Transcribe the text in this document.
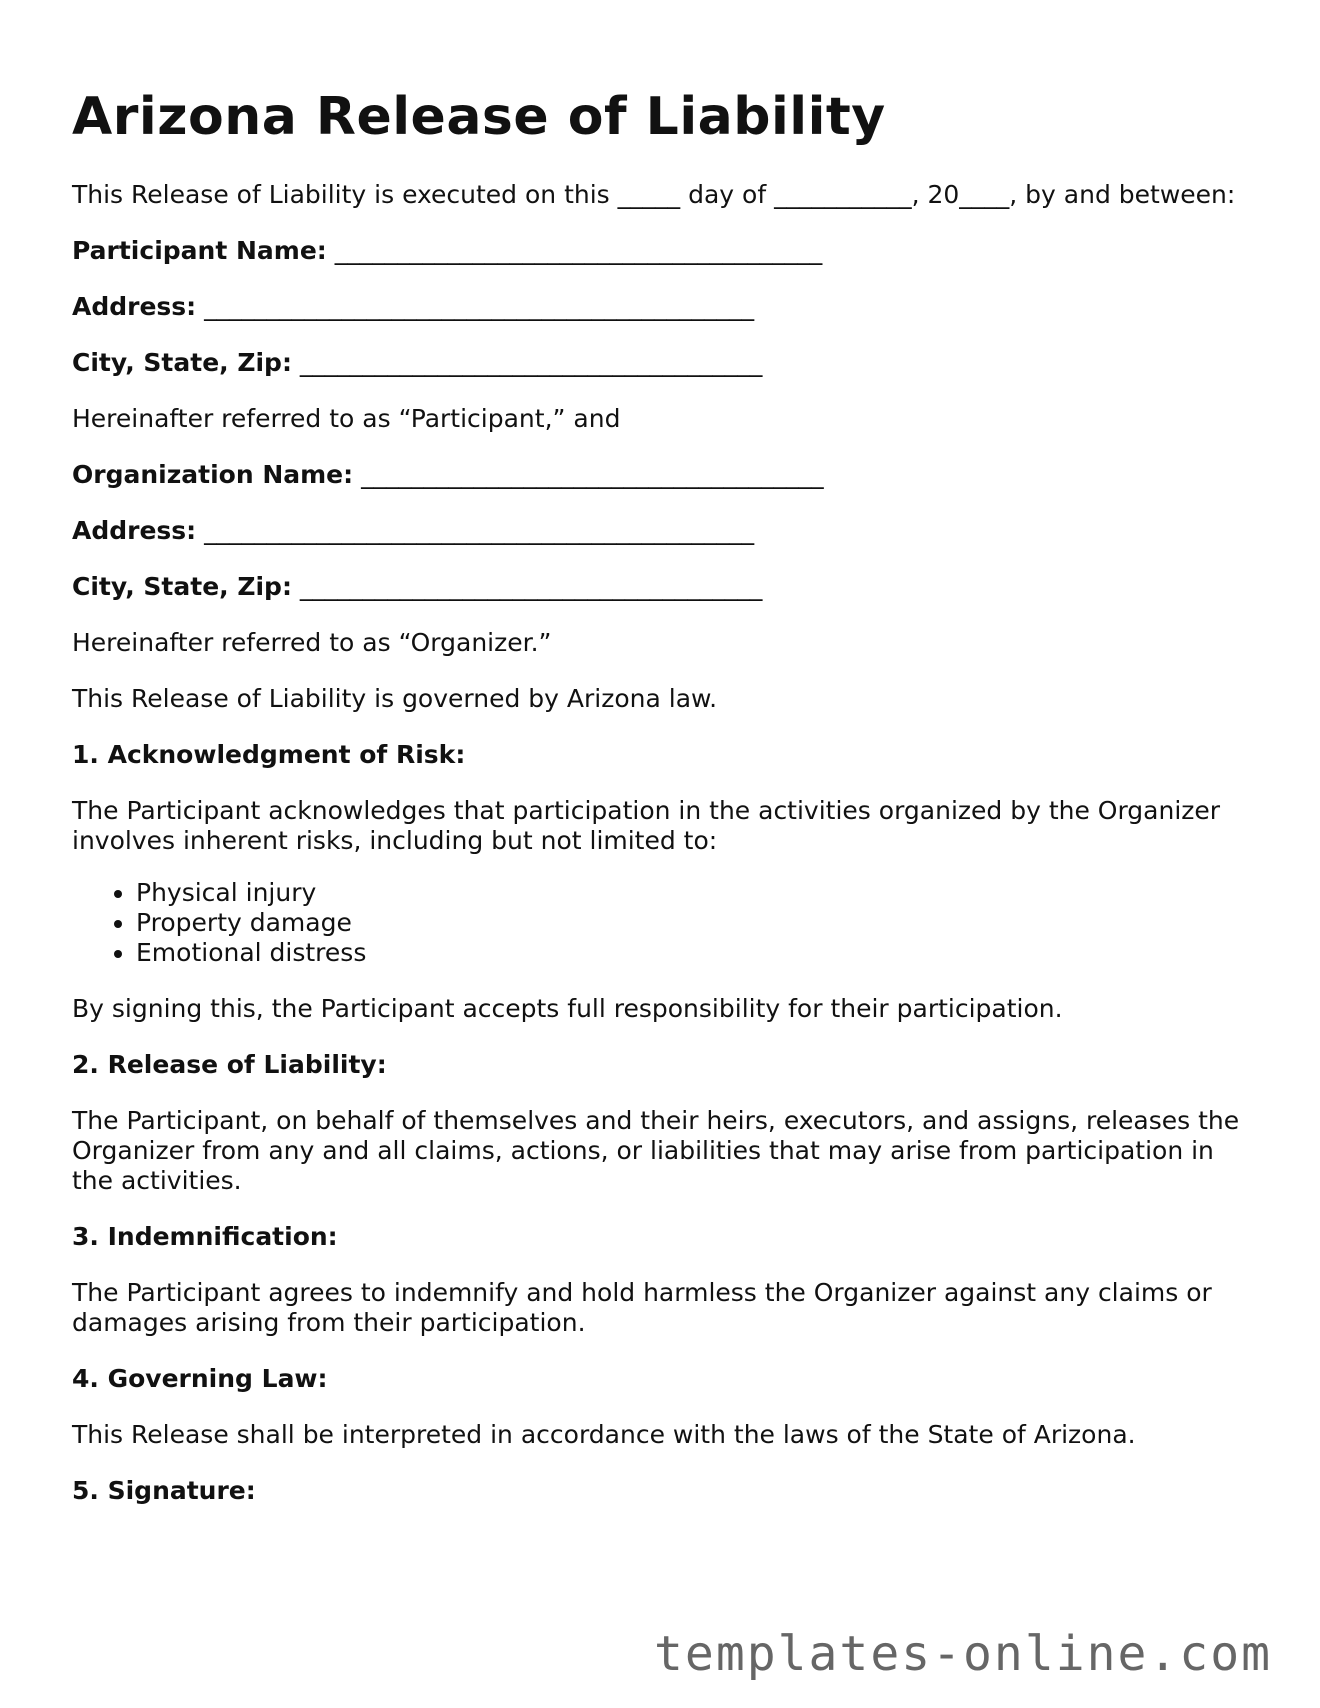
Arizona Release of Liability

This Release of Liability is executed on this _____ day of ___________, 20____, by and between:

Participant Name: _______________________________________
Address: ____________________________________________
City, State, Zip: _____________________________________

Hereinafter referred to as “Participant,” and

Organization Name: _____________________________________
Address: ____________________________________________
City, State, Zip: _____________________________________

Hereinafter referred to as “Organizer.”

This Release of Liability is governed by Arizona law.

1. Acknowledgment of Risk:

The Participant acknowledges that participation in the activities organized by the Organizer involves inherent risks, including but not limited to:

• Physical injury
• Property damage
• Emotional distress

By signing this, the Participant accepts full responsibility for their participation.

2. Release of Liability:

The Participant, on behalf of themselves and their heirs, executors, and assigns, releases the Organizer from any and all claims, actions, or liabilities that may arise from participation in the activities.

3. Indemnification:

The Participant agrees to indemnify and hold harmless the Organizer against any claims or damages arising from their participation.

4. Governing Law:

This Release shall be interpreted in accordance with the laws of the State of Arizona.

5. Signature:
templates-online.com
